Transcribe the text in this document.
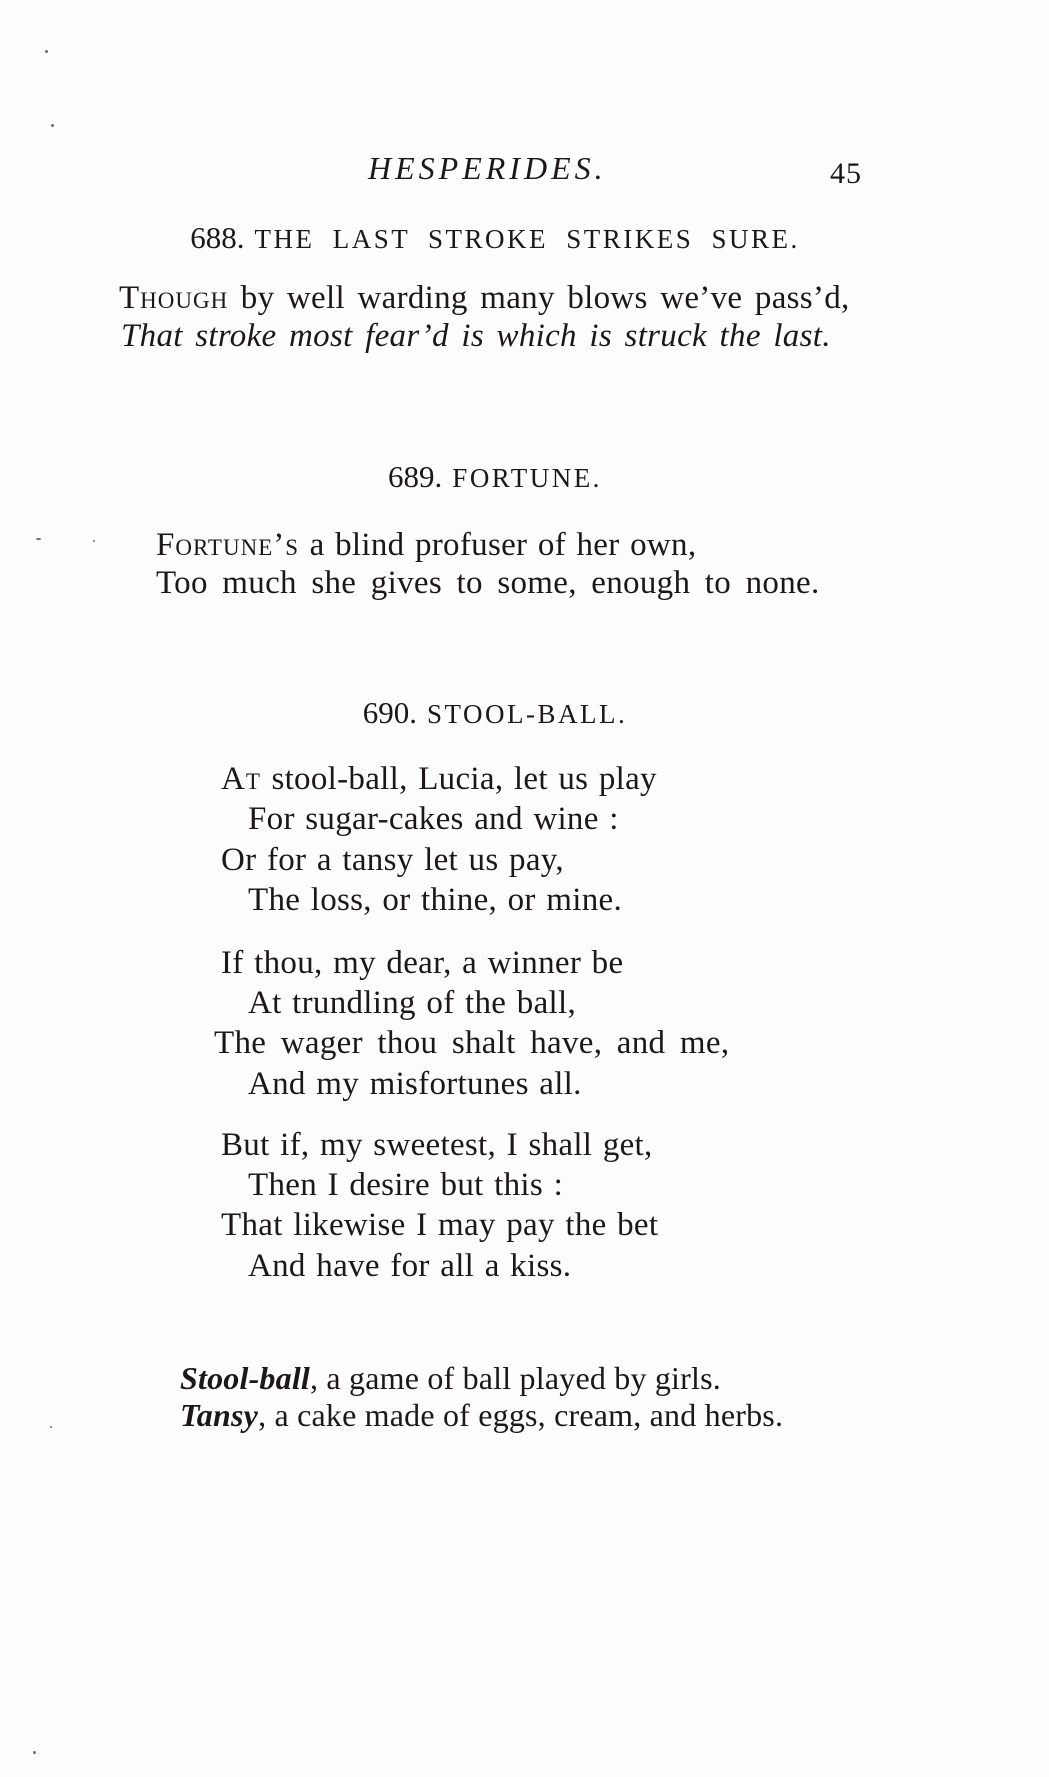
HESPERIDES.	45
688. THE LAST STROKE STRIKES SURE.
Though by well warding many blows we’ve pass’d,
That stroke most fear’d is which is struck the last.
689. FORTUNE.
Fortune’s a blind profuser of her own,
Too much she gives to some, enough to none.
690. STOOL-BALL.
At stool-ball, Lucia, let us play
For sugar-cakes and wine :
Or for a tansy let us pay,
The loss, or thine, or mine.
If thou, my dear, a winner be
At trundling of the ball,
The wager thou shalt have, and me,
And my misfortunes all.
But if, my sweetest, I shall get,
Then I desire but this :
That likewise I may pay the bet
And have for all a kiss.
Stool-ball, a game of ball played by girls.
Tansy, a cake made of eggs, cream, and herbs.
